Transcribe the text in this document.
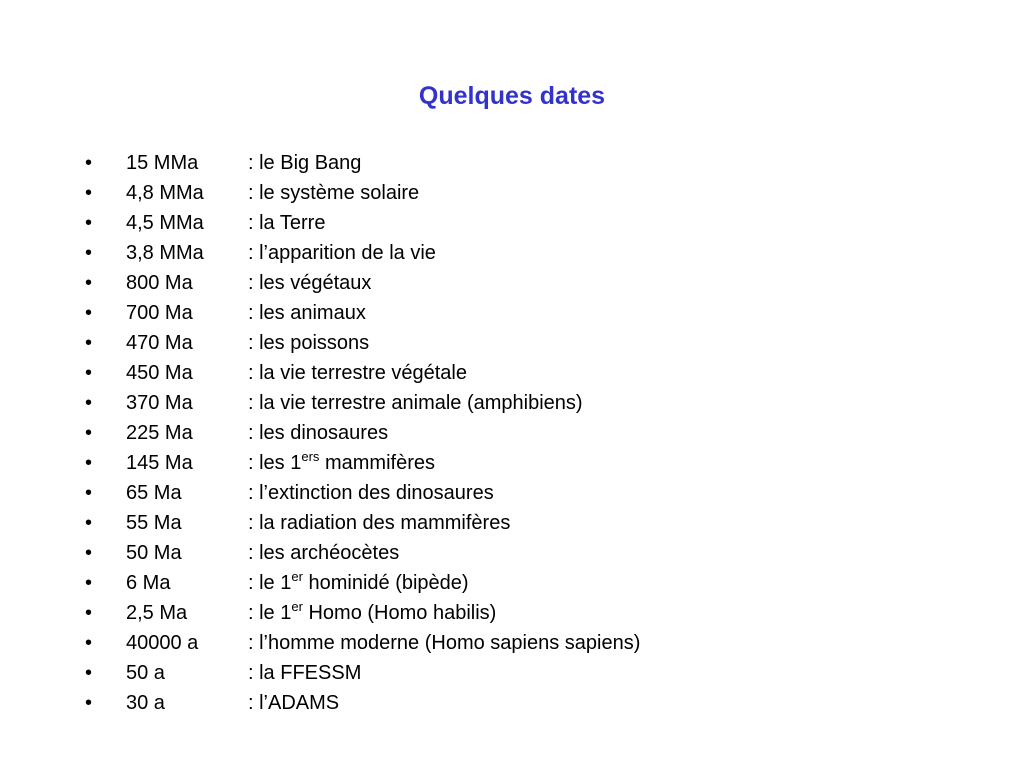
Quelques dates
•	15 MMa : le Big Bang
•	4,8 MMa : le système solaire
•	4,5 MMa : la Terre
•	3,8 MMa : l’apparition de la vie
•	800 Ma	: les végétaux
•	700 Ma	: les animaux
•	470 Ma	: les poissons
•	450 Ma	: la vie terrestre végétale
•	370 Ma	: la vie terrestre animale (amphibiens)
•	225 Ma	: les dinosaures
•	145 Ma	: les 1ers mammifères
•	65 Ma	: l’extinction des dinosaures
•	55 Ma	: la radiation des mammifères
•	50 Ma	: les archéocètes
•	6 Ma	: le 1er hominidé (bipède)
•	2,5 Ma	: le 1er Homo (Homo habilis)
•	40000 a : l’homme moderne (Homo sapiens sapiens)
•	50 a	: la FFESSM
•	30 a	: l’ADAMS
